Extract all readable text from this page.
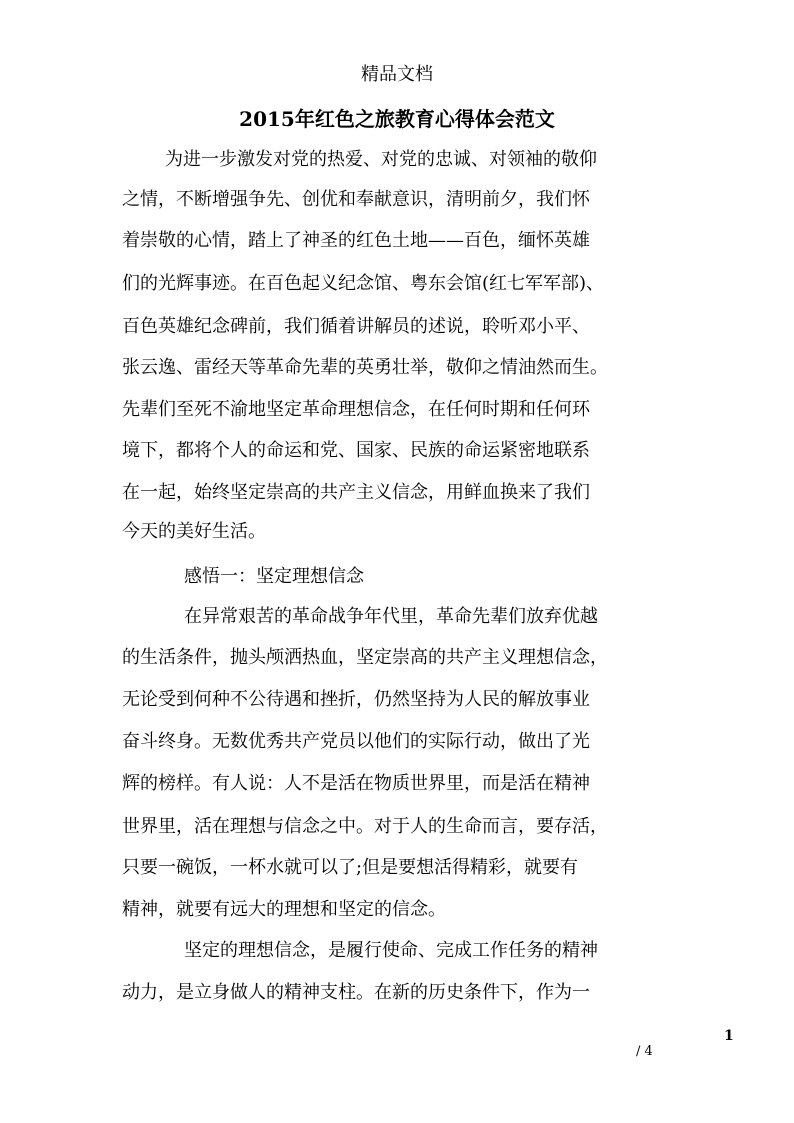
精品文档
2015年红色之旅教育心得体会范文
为进一步激发对党的热爱、对党的忠诚、对领袖的敬仰
之情，不断增强争先、创优和奉献意识，清明前夕，我们怀
着崇敬的心情，踏上了神圣的红色土地——百色，缅怀英雄
们的光辉事迹。在百色起义纪念馆、粤东会馆(红七军军部)、
百色英雄纪念碑前，我们循着讲解员的述说，聆听邓小平、
张云逸、雷经天等革命先辈的英勇壮举，敬仰之情油然而生。
先辈们至死不渝地坚定革命理想信念，在任何时期和任何环
境下，都将个人的命运和党、国家、民族的命运紧密地联系
在一起，始终坚定崇高的共产主义信念，用鲜血换来了我们
今天的美好生活。
感悟一：坚定理想信念
在异常艰苦的革命战争年代里，革命先辈们放弃优越
的生活条件，抛头颅洒热血，坚定崇高的共产主义理想信念，
无论受到何种不公待遇和挫折，仍然坚持为人民的解放事业
奋斗终身。无数优秀共产党员以他们的实际行动，做出了光
辉的榜样。有人说：人不是活在物质世界里，而是活在精神
世界里，活在理想与信念之中。对于人的生命而言，要存活，
只要一碗饭，一杯水就可以了;但是要想活得精彩，就要有
精神，就要有远大的理想和坚定的信念。
坚定的理想信念，是履行使命、完成工作任务的精神
动力，是立身做人的精神支柱。在新的历史条件下，作为一
1
/ 4
